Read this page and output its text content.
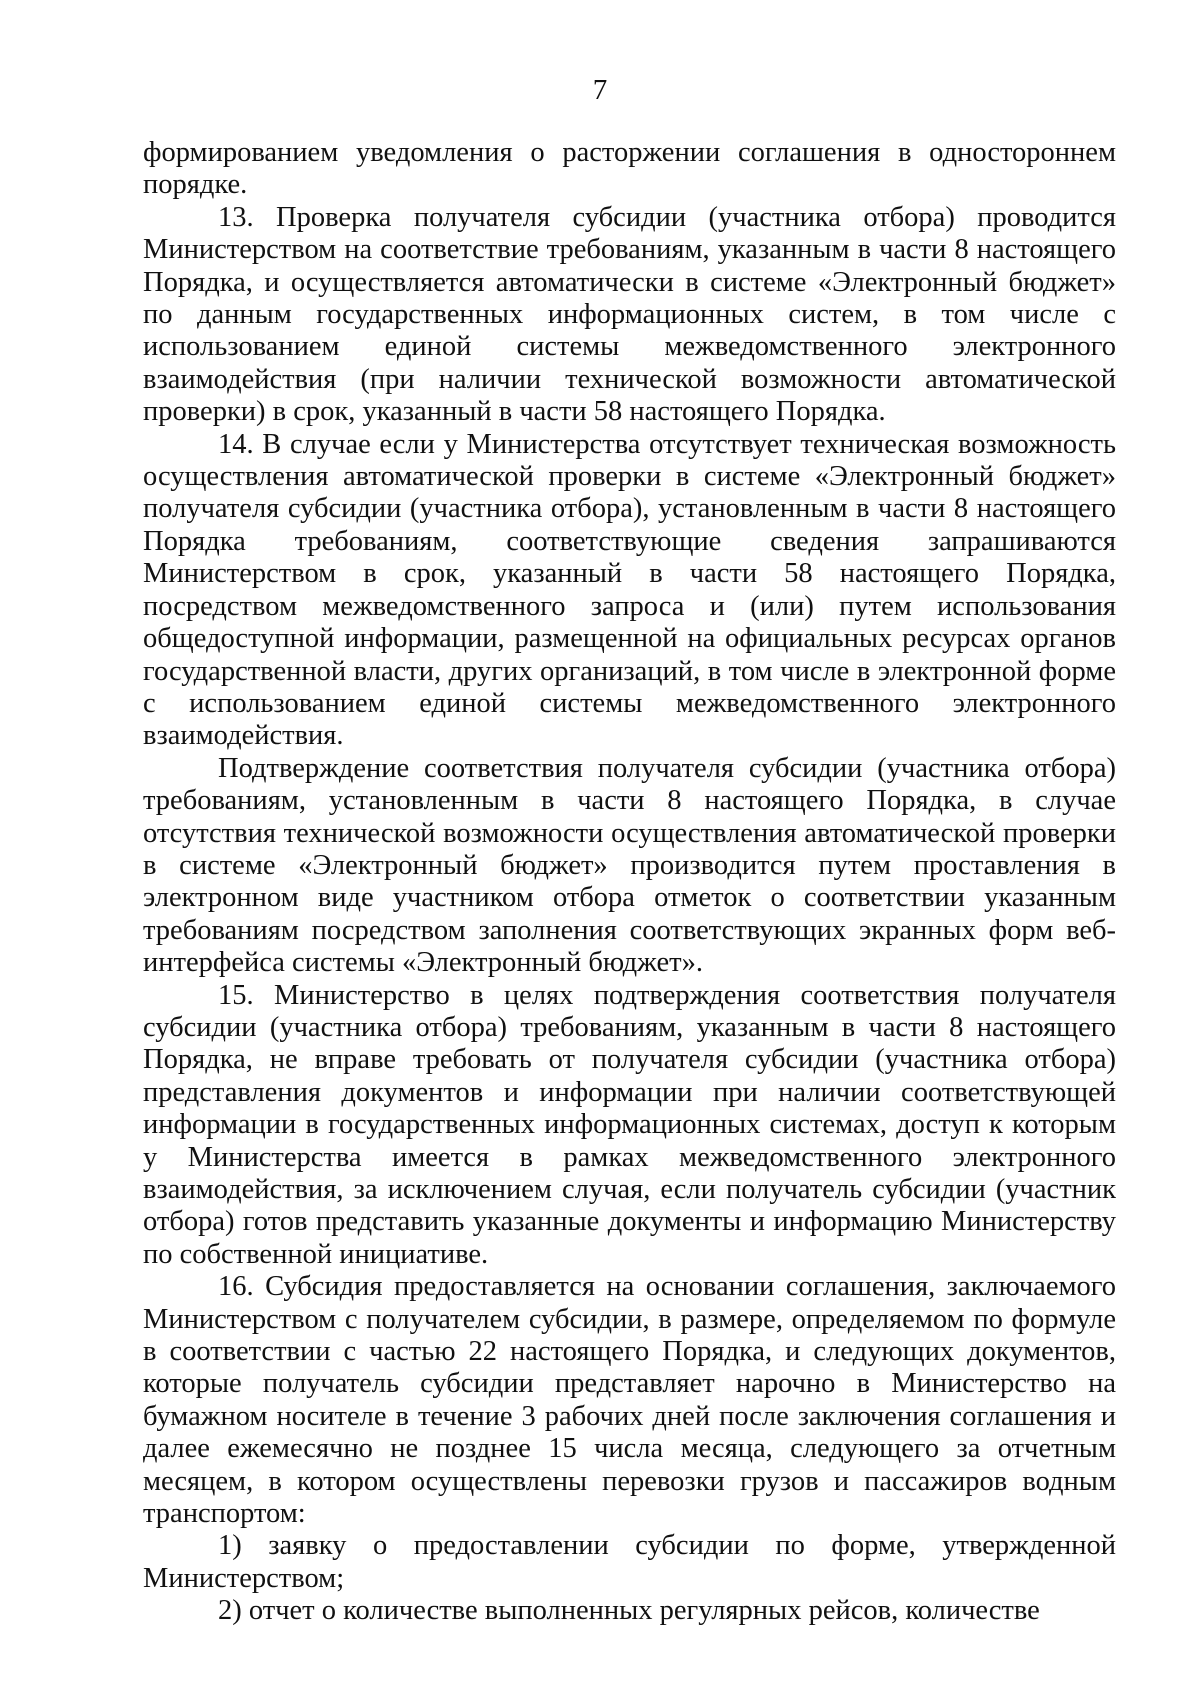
7

формированием уведомления о расторжении соглашения в одностороннем порядке.

13. Проверка получателя субсидии (участника отбора) проводится Министерством на соответствие требованиям, указанным в части 8 настоящего Порядка, и осуществляется автоматически в системе «Электронный бюджет» по данным государственных информационных систем, в том числе с использованием единой системы межведомственного электронного взаимодействия (при наличии технической возможности автоматической проверки) в срок, указанный в части 58 настоящего Порядка.

14. В случае если у Министерства отсутствует техническая возможность осуществления автоматической проверки в системе «Электронный бюджет» получателя субсидии (участника отбора), установленным в части 8 настоящего Порядка требованиям, соответствующие сведения запрашиваются Министерством в срок, указанный в части 58 настоящего Порядка, посредством межведомственного запроса и (или) путем использования общедоступной информации, размещенной на официальных ресурсах органов государственной власти, других организаций, в том числе в электронной форме с использованием единой системы межведомственного электронного взаимодействия.

Подтверждение соответствия получателя субсидии (участника отбора) требованиям, установленным в части 8 настоящего Порядка, в случае отсутствия технической возможности осуществления автоматической проверки в системе «Электронный бюджет» производится путем проставления в электронном виде участником отбора отметок о соответствии указанным требованиям посредством заполнения соответствующих экранных форм веб-интерфейса системы «Электронный бюджет».

15. Министерство в целях подтверждения соответствия получателя субсидии (участника отбора) требованиям, указанным в части 8 настоящего Порядка, не вправе требовать от получателя субсидии (участника отбора) представления документов и информации при наличии соответствующей информации в государственных информационных системах, доступ к которым у Министерства имеется в рамках межведомственного электронного взаимодействия, за исключением случая, если получатель субсидии (участник отбора) готов представить указанные документы и информацию Министерству по собственной инициативе.

16. Субсидия предоставляется на основании соглашения, заключаемого Министерством с получателем субсидии, в размере, определяемом по формуле в соответствии с частью 22 настоящего Порядка, и следующих документов, которые получатель субсидии представляет нарочно в Министерство на бумажном носителе в течение 3 рабочих дней после заключения соглашения и далее ежемесячно не позднее 15 числа месяца, следующего за отчетным месяцем, в котором осуществлены перевозки грузов и пассажиров водным транспортом:

1) заявку о предоставлении субсидии по форме, утвержденной Министерством;

2) отчет о количестве выполненных регулярных рейсов, количестве
